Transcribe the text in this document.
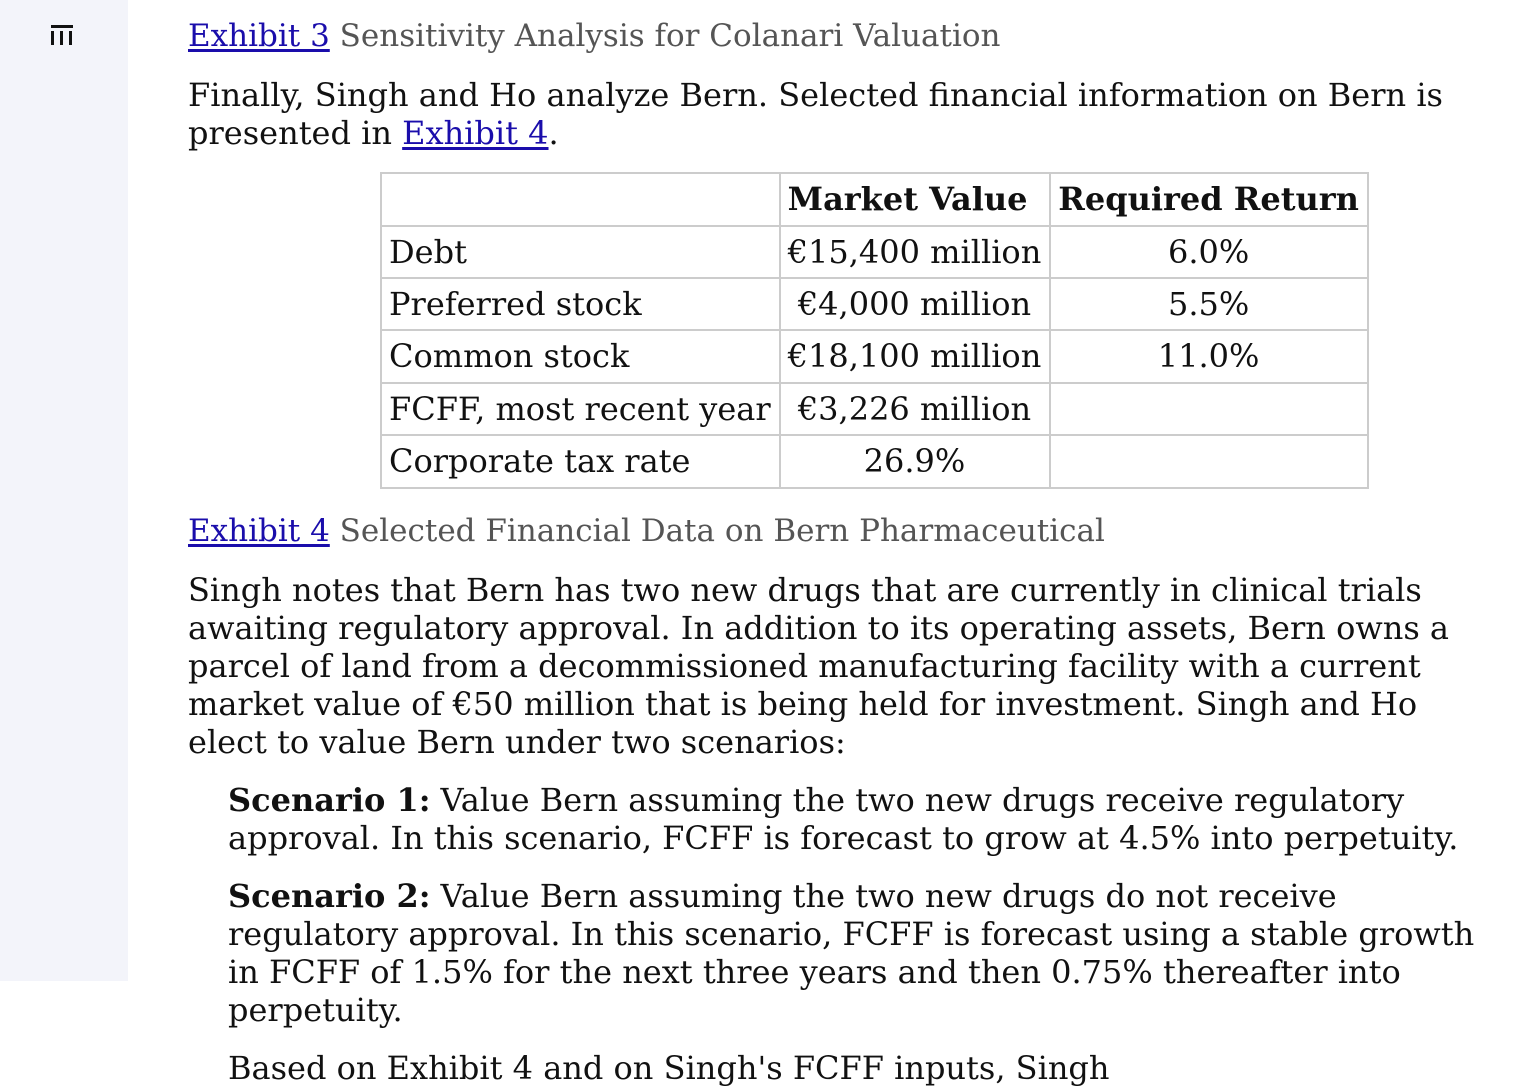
Exhibit 3 Sensitivity Analysis for Colanari Valuation

Finally, Singh and Ho analyze Bern. Selected financial information on Bern is presented in Exhibit 4.

	Market Value	Required Return
Debt	€15,400 million	6.0%
Preferred stock	€4,000 million	5.5%
Common stock	€18,100 million	11.0%
FCFF, most recent year	€3,226 million	
Corporate tax rate	26.9%	
Exhibit 4 Selected Financial Data on Bern Pharmaceutical

Singh notes that Bern has two new drugs that are currently in clinical trials awaiting regulatory approval. In addition to its operating assets, Bern owns a parcel of land from a decommissioned manufacturing facility with a current market value of €50 million that is being held for investment. Singh and Ho elect to value Bern under two scenarios:

Scenario 1: Value Bern assuming the two new drugs receive regulatory approval. In this scenario, FCFF is forecast to grow at 4.5% into perpetuity.
Scenario 2: Value Bern assuming the two new drugs do not receive regulatory approval. In this scenario, FCFF is forecast using a stable growth in FCFF of 1.5% for the next three years and then 0.75% thereafter into perpetuity.
Based on Exhibit 4 and on Singh's FCFF inputs, Singh
